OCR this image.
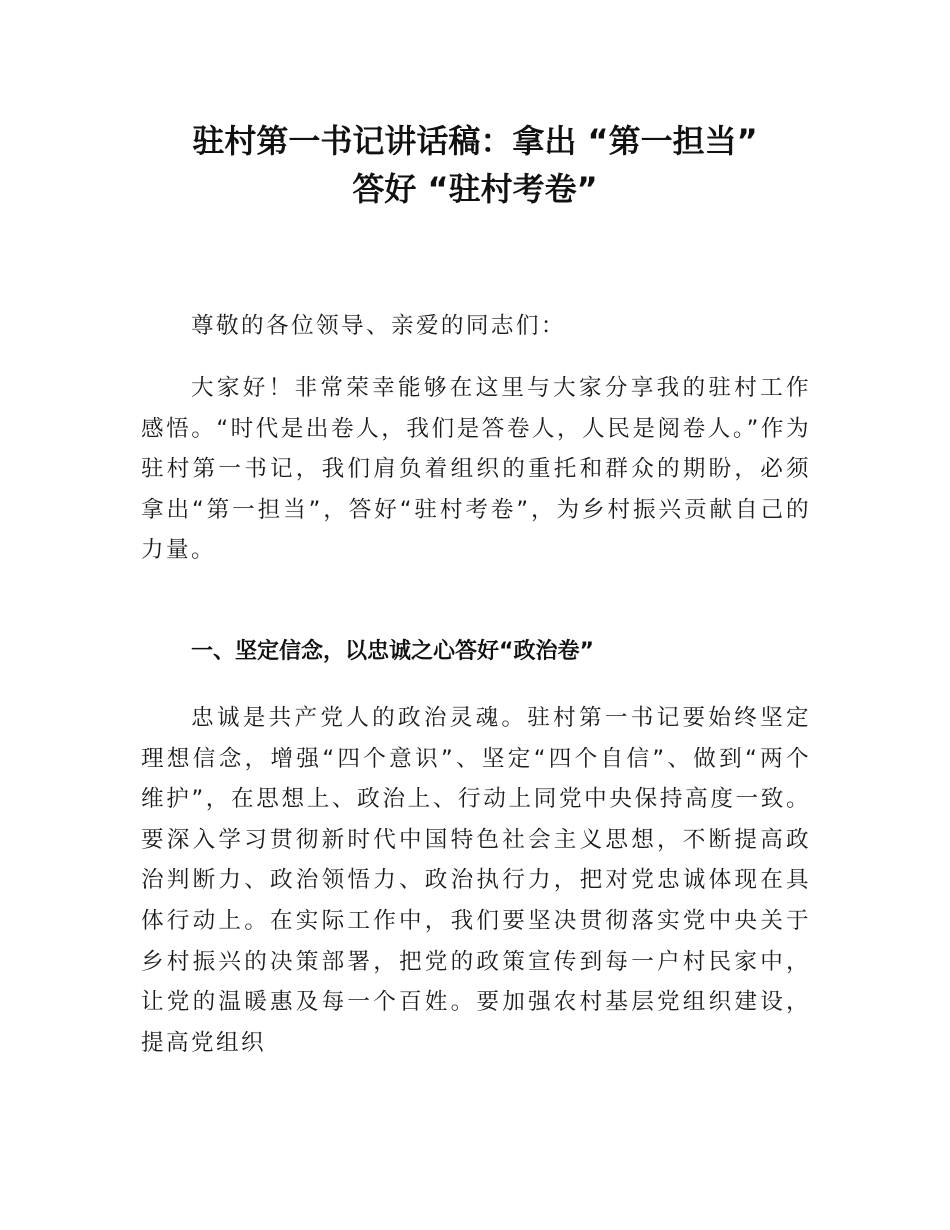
驻村第一书记讲话稿：拿出 “第一担当”
答好 “驻村考卷”

尊敬的各位领导、亲爱的同志们：

大家好！非常荣幸能够在这里与大家分享我的驻村工作感悟。“时代是出卷人，我们是答卷人，人民是阅卷人。”作为驻村第一书记，我们肩负着组织的重托和群众的期盼，必须拿出“第一担当”，答好“驻村考卷”，为乡村振兴贡献自己的力量。

一、坚定信念，以忠诚之心答好“政治卷”

忠诚是共产党人的政治灵魂。驻村第一书记要始终坚定理想信念，增强“四个意识”、坚定“四个自信”、做到“两个维护”，在思想上、政治上、行动上同党中央保持高度一致。要深入学习贯彻新时代中国特色社会主义思想，不断提高政治判断力、政治领悟力、政治执行力，把对党忠诚体现在具体行动上。在实际工作中，我们要坚决贯彻落实党中央关于乡村振兴的决策部署，把党的政策宣传到每一户村民家中，让党的温暖惠及每一个百姓。要加强农村基层党组织建设，提高党组织
